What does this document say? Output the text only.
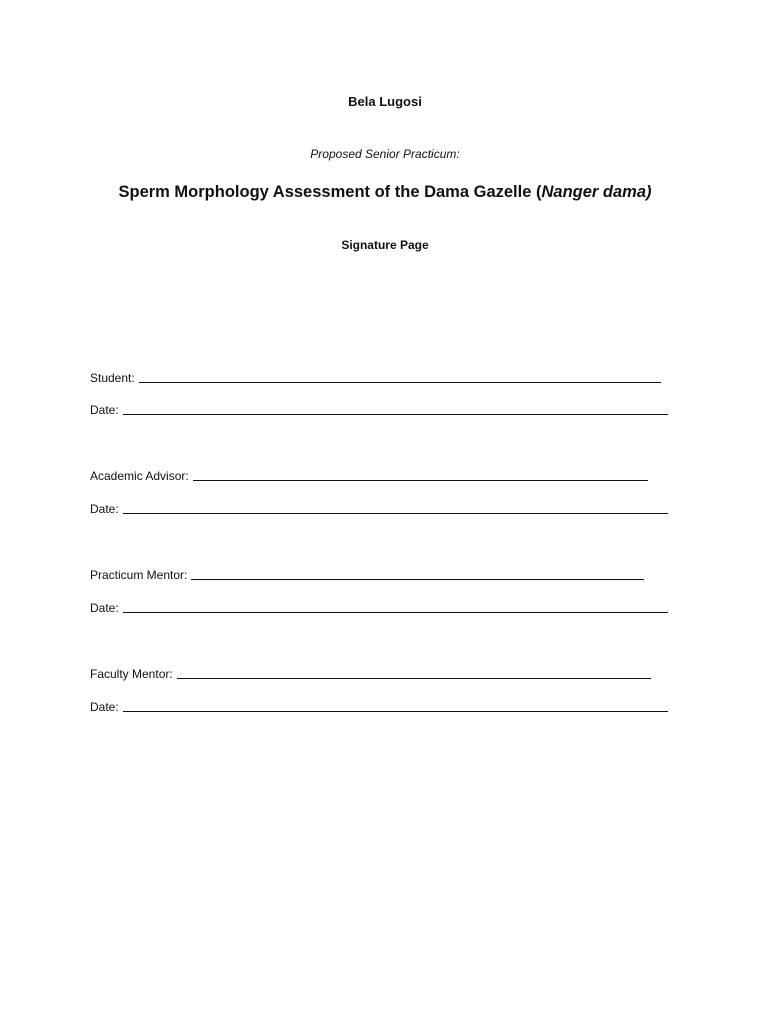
Bela Lugosi
Proposed Senior Practicum:
Sperm Morphology Assessment of the Dama Gazelle (Nanger dama)
Signature Page
Student:
Date:
Academic Advisor:
Date:
Practicum Mentor:
Date:
Faculty Mentor:
Date:
